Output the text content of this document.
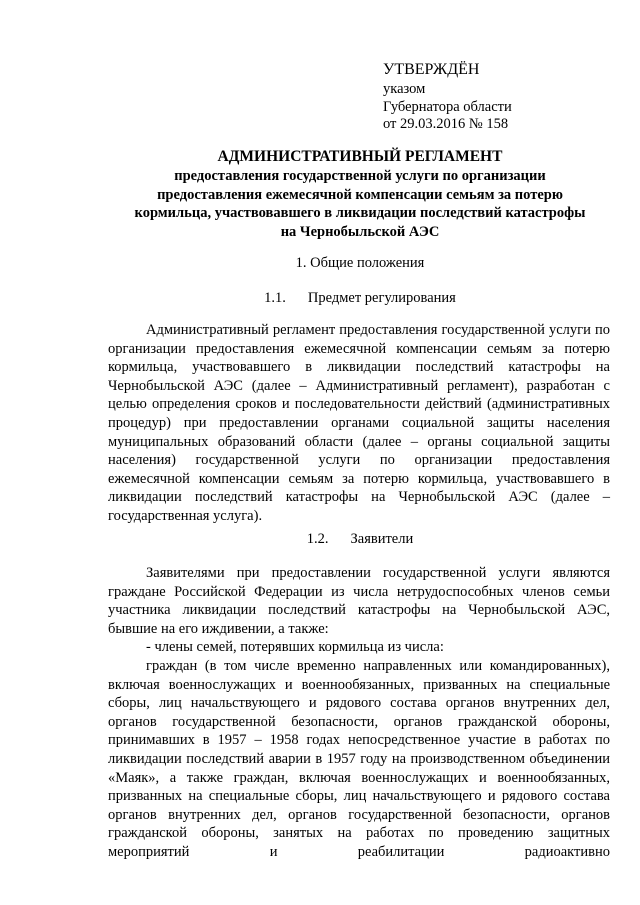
УТВЕРЖДЁН
указом
Губернатора области
от 29.03.2016 № 158
АДМИНИСТРАТИВНЫЙ РЕГЛАМЕНТ
предоставления государственной услуги по организации
предоставления ежемесячной компенсации семьям за потерю
кормильца, участвовавшего в ликвидации последствий катастрофы
на Чернобыльской АЭС
1. Общие положения
1.1. Предмет регулирования

Административный регламент предоставления государственной услуги по организации предоставления ежемесячной компенсации семьям за потерю кормильца, участвовавшего в ликвидации последствий катастрофы на Чернобыльской АЭС (далее – Административный регламент), разработан с целью определения сроков и последовательности действий (административных процедур) при предоставлении органами социальной защиты населения муниципальных образований области (далее – органы социальной защиты населения) государственной услуги по организации предоставления ежемесячной компенсации семьям за потерю кормильца, участвовавшего в ликвидации последствий катастрофы на Чернобыльской АЭС (далее – государственная услуга).

1.2. Заявители

Заявителями при предоставлении государственной услуги являются граждане Российской Федерации из числа нетрудоспособных членов семьи участника ликвидации последствий катастрофы на Чернобыльской АЭС, бывшие на его иждивении, а также:

- члены семей, потерявших кормильца из числа:

граждан (в том числе временно направленных или командированных), включая военнослужащих и военнообязанных, призванных на специальные сборы, лиц начальствующего и рядового состава органов внутренних дел, органов государственной безопасности, органов гражданской обороны, принимавших в 1957 – 1958 годах непосредственное участие в работах по ликвидации последствий аварии в 1957 году на производственном объединении «Маяк», а также граждан, включая военнослужащих и военнообязанных, призванных на специальные сборы, лиц начальствующего и рядового состава органов внутренних дел, органов государственной безопасности, органов гражданской обороны, занятых на работах по проведению защитных мероприятий и реабилитации радиоактивно
